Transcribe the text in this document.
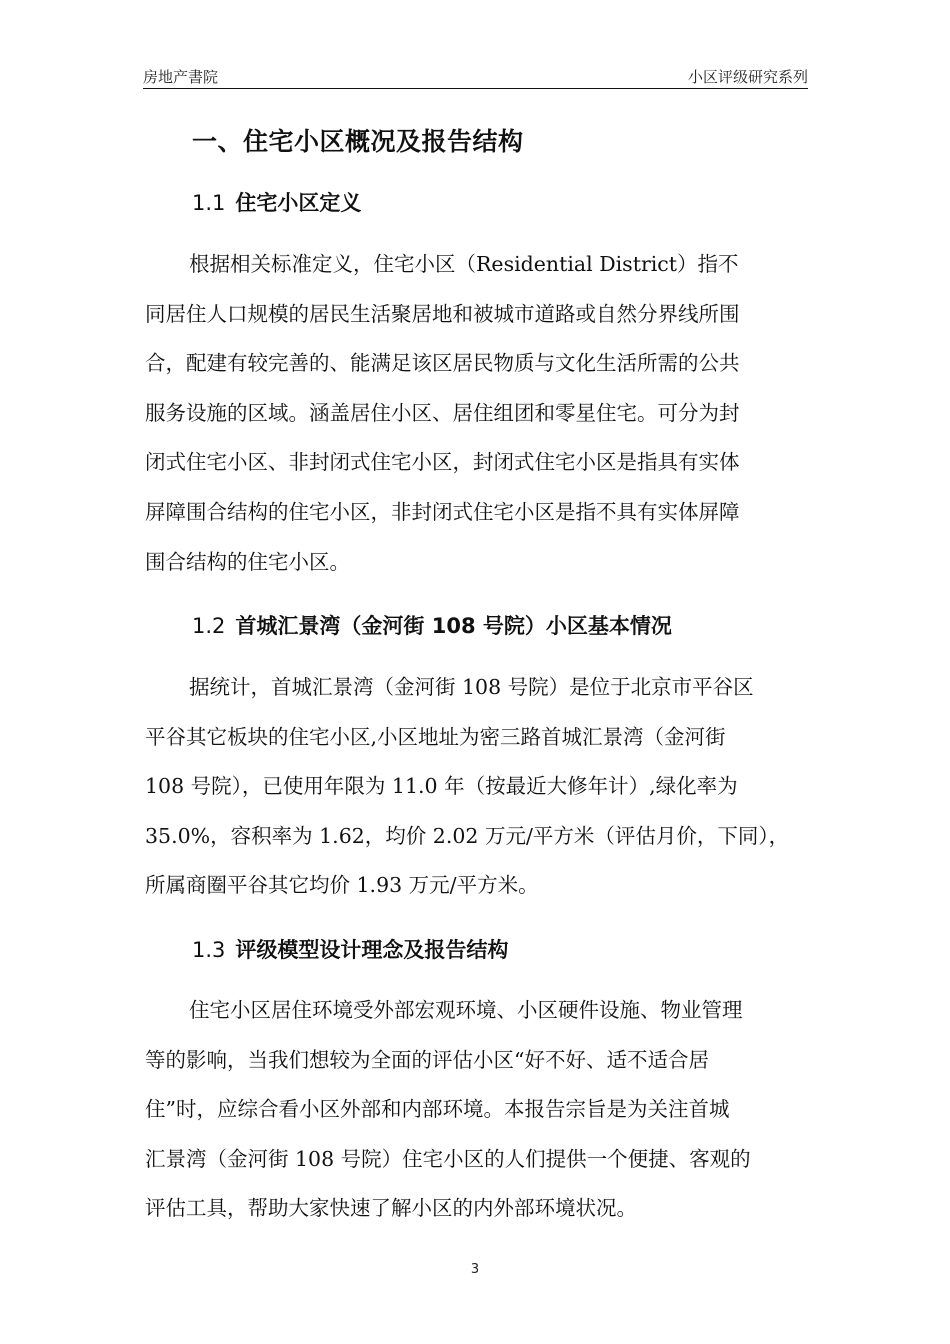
房地产書院	小区评级研究系列
一、住宅小区概况及报告结构
1.1 住宅小区定义
根据相关标准定义，住宅小区（Residential District）指不
同居住人口规模的居民生活聚居地和被城市道路或自然分界线所围
合，配建有较完善的、能满足该区居民物质与文化生活所需的公共
服务设施的区域。涵盖居住小区、居住组团和零星住宅。可分为封
闭式住宅小区、非封闭式住宅小区，封闭式住宅小区是指具有实体
屏障围合结构的住宅小区，非封闭式住宅小区是指不具有实体屏障
围合结构的住宅小区。
1.2 首城汇景湾（金河街 108 号院）小区基本情况
据统计，首城汇景湾（金河街 108 号院）是位于北京市平谷区
平谷其它板块的住宅小区,小区地址为密三路首城汇景湾（金河街
108 号院），已使用年限为 11.0 年（按最近大修年计）,绿化率为
35.0%，容积率为 1.62，均价 2.02 万元/平方米（评估月价，下同），
所属商圈平谷其它均价 1.93 万元/平方米。
1.3 评级模型设计理念及报告结构
住宅小区居住环境受外部宏观环境、小区硬件设施、物业管理
等的影响，当我们想较为全面的评估小区“好不好、适不适合居
住”时，应综合看小区外部和内部环境。本报告宗旨是为关注首城
汇景湾（金河街 108 号院）住宅小区的人们提供一个便捷、客观的
评估工具，帮助大家快速了解小区的内外部环境状况。
3
